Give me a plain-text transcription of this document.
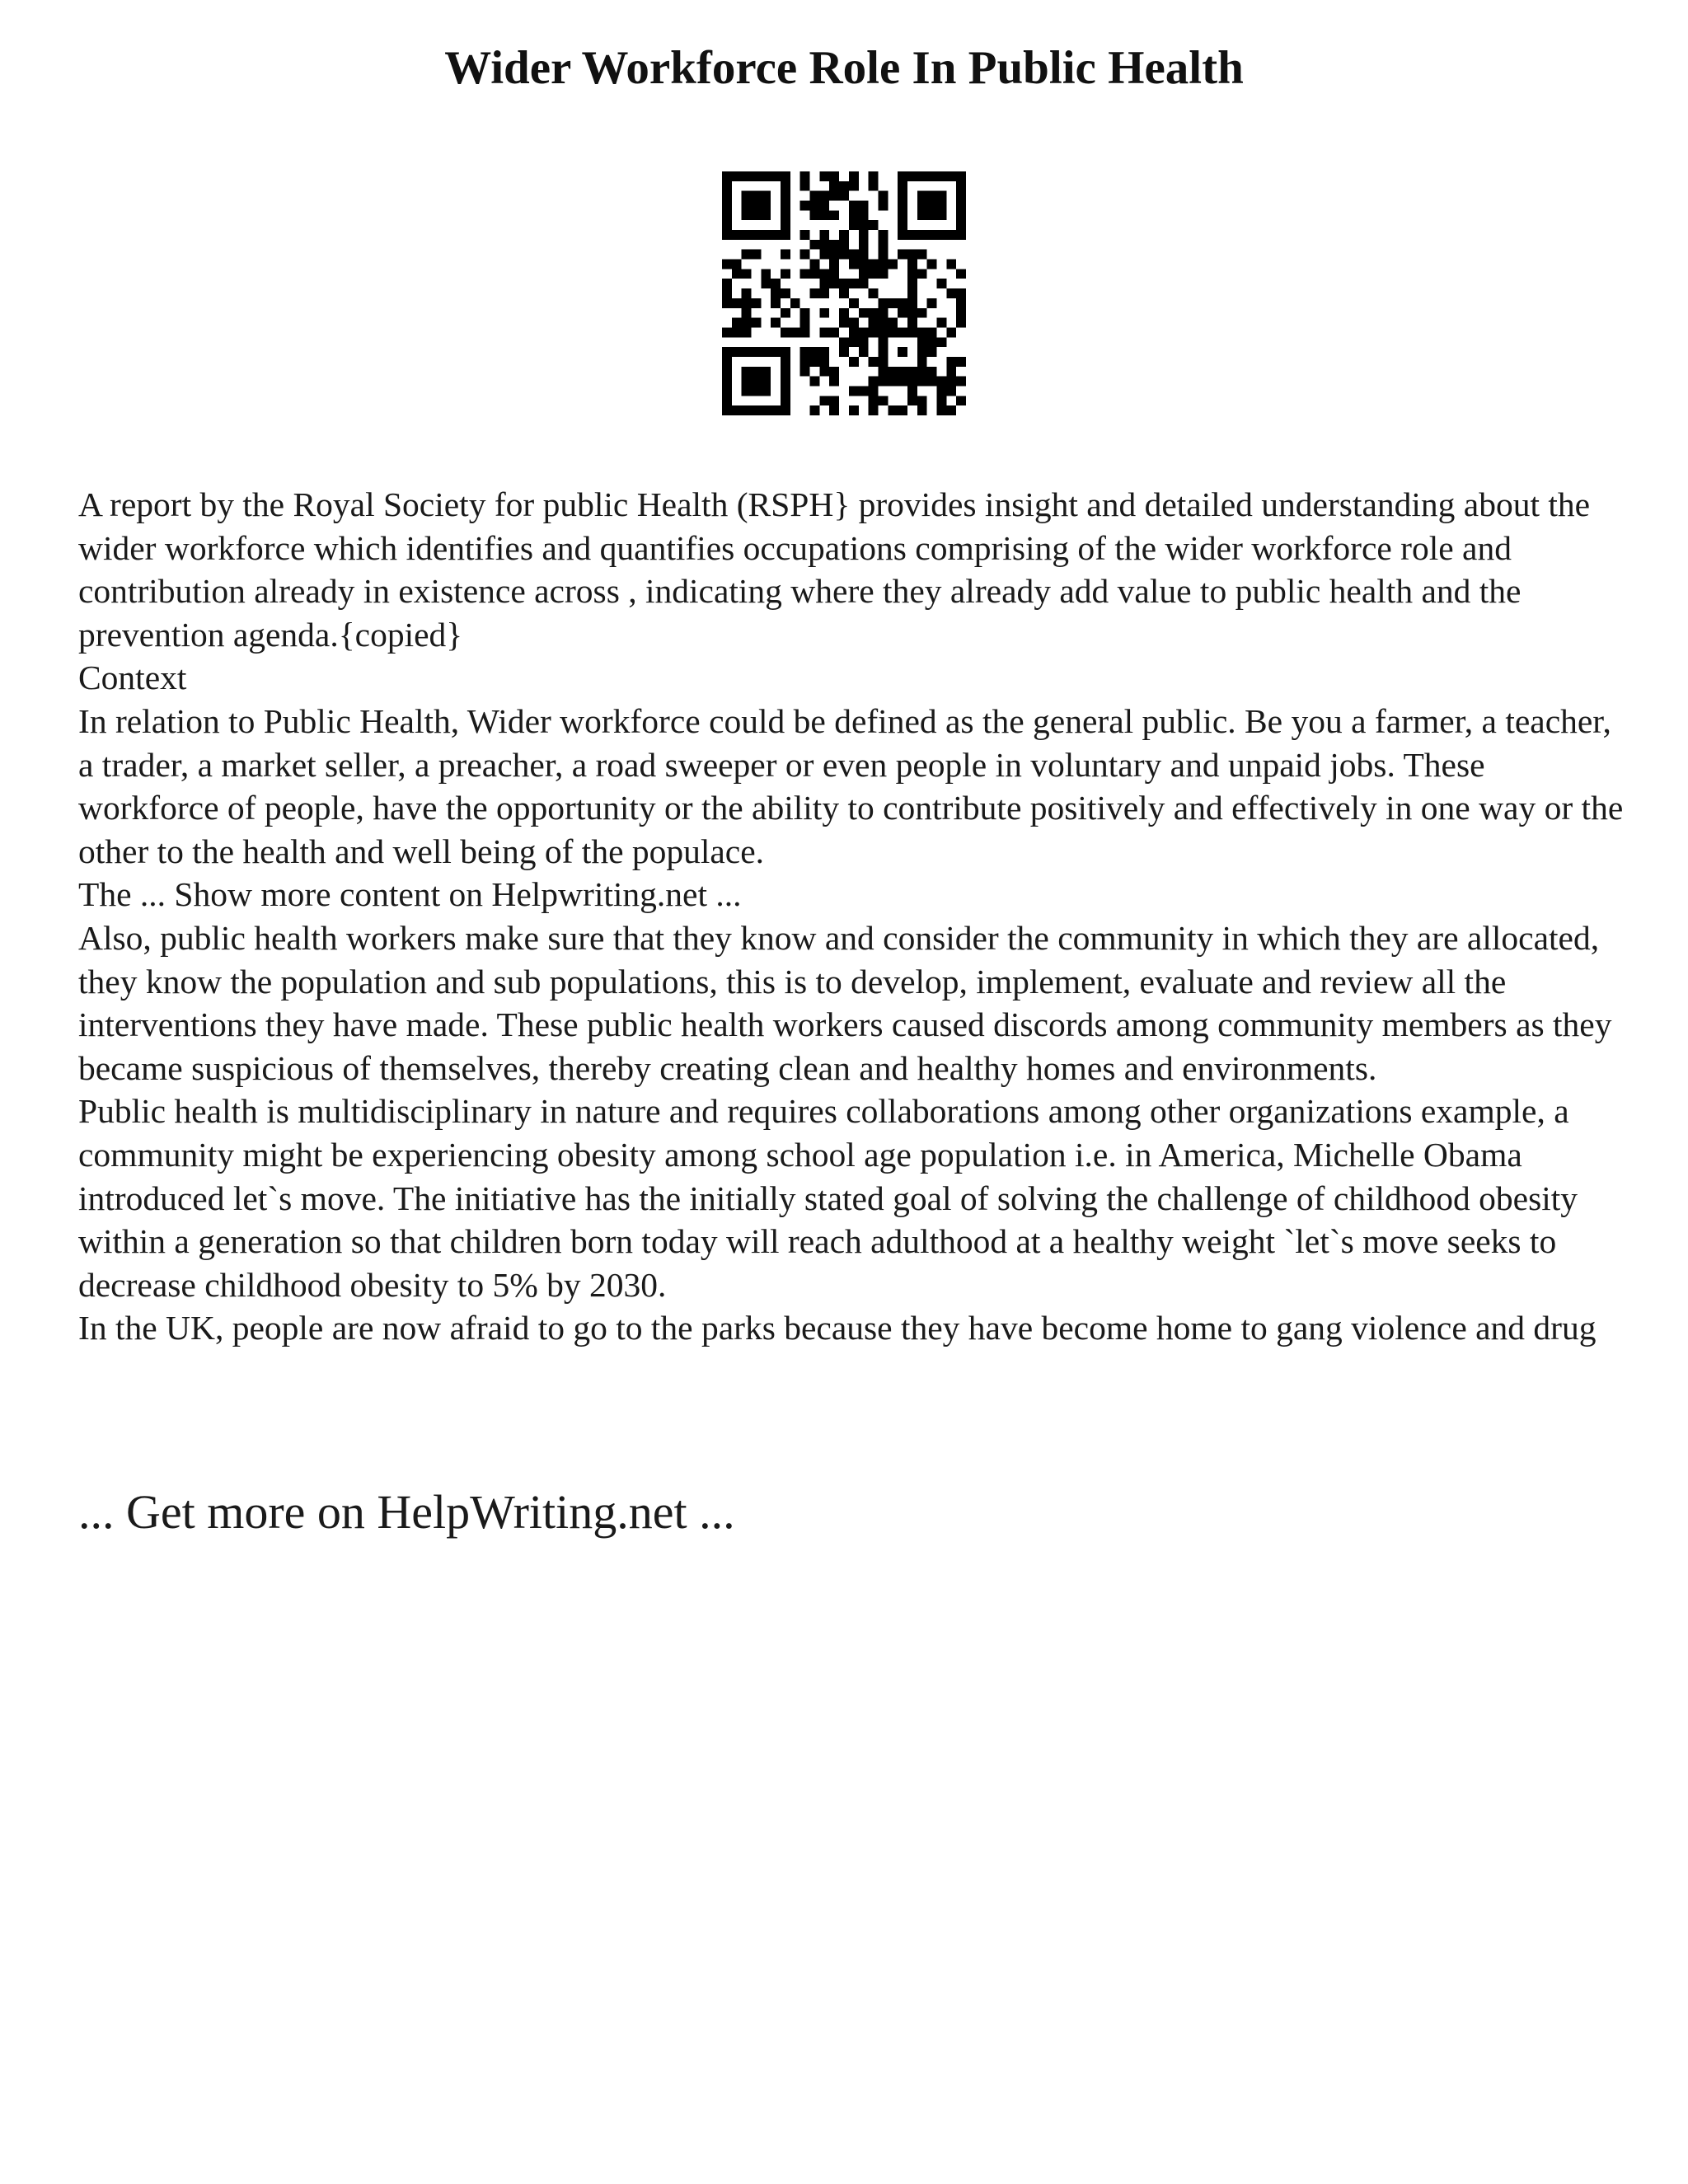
Wider Workforce Role In Public Health

A report by the Royal Society for public Health (RSPH} provides insight and detailed understanding about the wider workforce which identifies and quantifies occupations comprising of the wider workforce role and contribution already in existence across , indicating where they already add value to public health and the prevention agenda.{copied}

Context

In relation to Public Health, Wider workforce could be defined as the general public. Be you a farmer, a teacher, a trader, a market seller, a preacher, a road sweeper or even people in voluntary and unpaid jobs. These workforce of people, have the opportunity or the ability to contribute positively and effectively in one way or the other to the health and well being of the populace.

The ... Show more content on Helpwriting.net ...

Also, public health workers make sure that they know and consider the community in which they are allocated, they know the population and sub populations, this is to develop, implement, evaluate and review all the interventions they have made. These public health workers caused discords among community members as they became suspicious of themselves, thereby creating clean and healthy homes and environments.

Public health is multidisciplinary in nature and requires collaborations among other organizations example, a community might be experiencing obesity among school age population i.e. in America, Michelle Obama introduced let`s move. The initiative has the initially stated goal of solving the challenge of childhood obesity within a generation so that children born today will reach adulthood at a healthy weight `let`s move seeks to decrease childhood obesity to 5% by 2030.

In the UK, people are now afraid to go to the parks because they have become home to gang violence and drug

... Get more on HelpWriting.net ...
